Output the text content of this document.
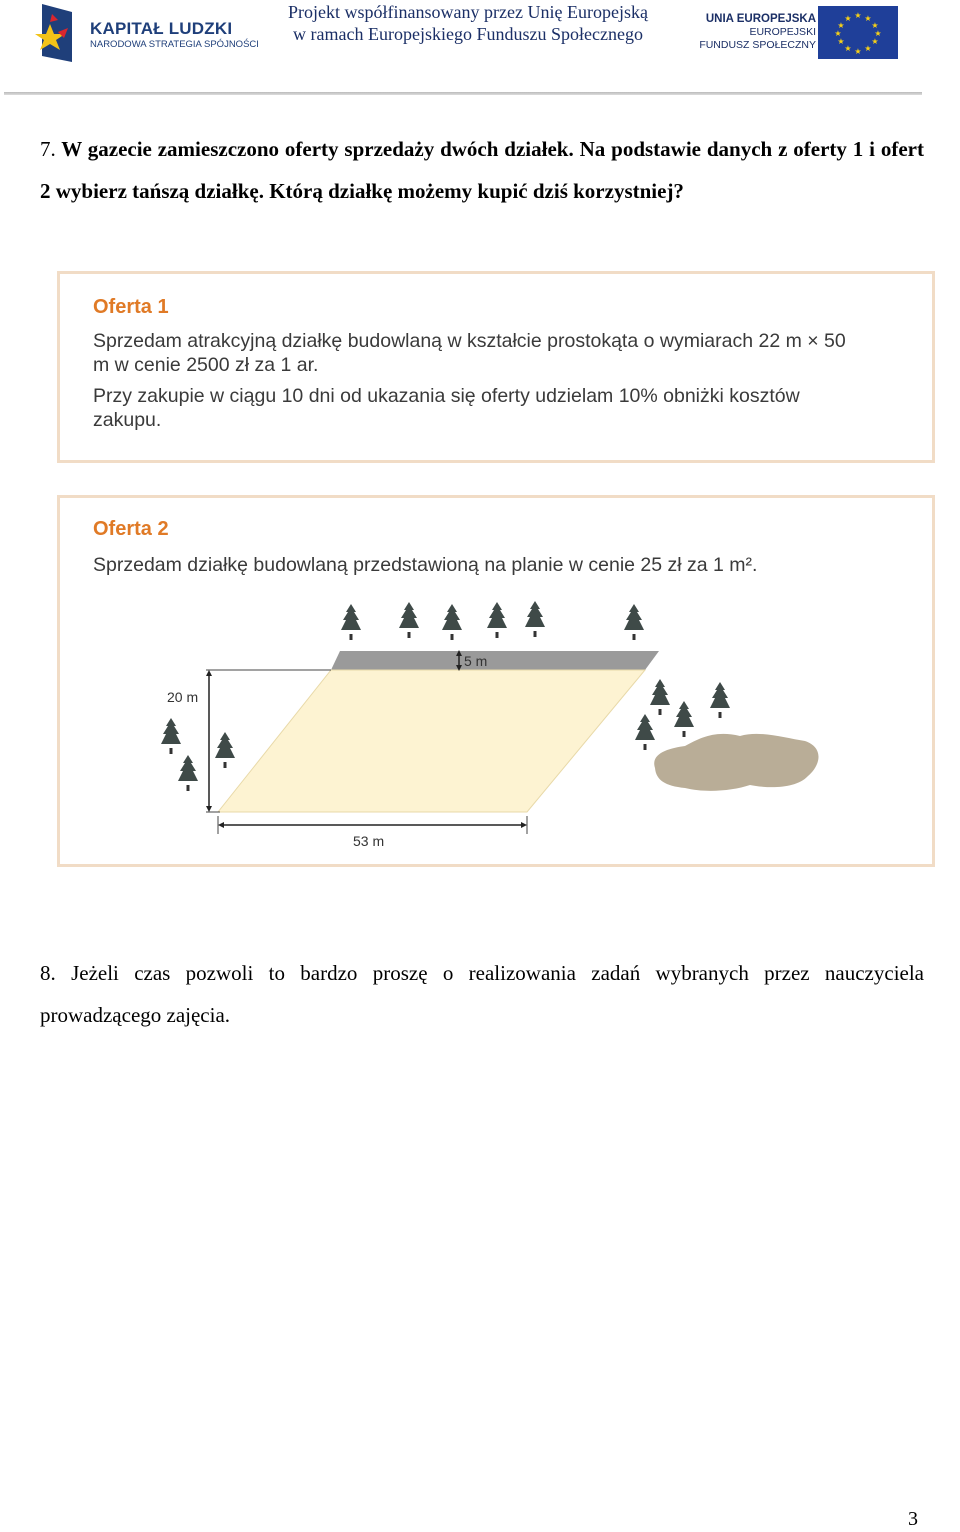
KAPITAŁ LUDZKI
NARODOWA STRATEGIA SPÓJNOŚCI
Projekt współfinansowany przez Unię Europejską
w ramach Europejskiego Funduszu Społecznego
UNIA EUROPEJSKA
EUROPEJSKI
FUNDUSZ SPOŁECZNY
★ ★
★
★
★
★
★
★
★
★
★
★
7. W gazecie zamieszczono oferty sprzedaży dwóch działek. Na podstawie danych z oferty 1 i ofert 2 wybierz tańszą działkę. Którą działkę możemy kupić dziś korzystniej?
Oferta 1
Sprzedam atrakcyjną działkę budowlaną w kształcie prostokąta o wymiarach 22 m × 50 m w cenie 2500 zł za 1 ar.
Przy zakupie w ciągu 10 dni od ukazania się oferty udzielam 10% obniżki kosztów zakupu.
Oferta 2
Sprzedam działkę budowlaną przedstawioną na planie w cenie 25 zł za 1 m².
5 m
20 m
53 m
8. Jeżeli czas pozwoli to bardzo proszę o realizowania zadań wybranych przez nauczyciela prowadzącego zajęcia.
3
